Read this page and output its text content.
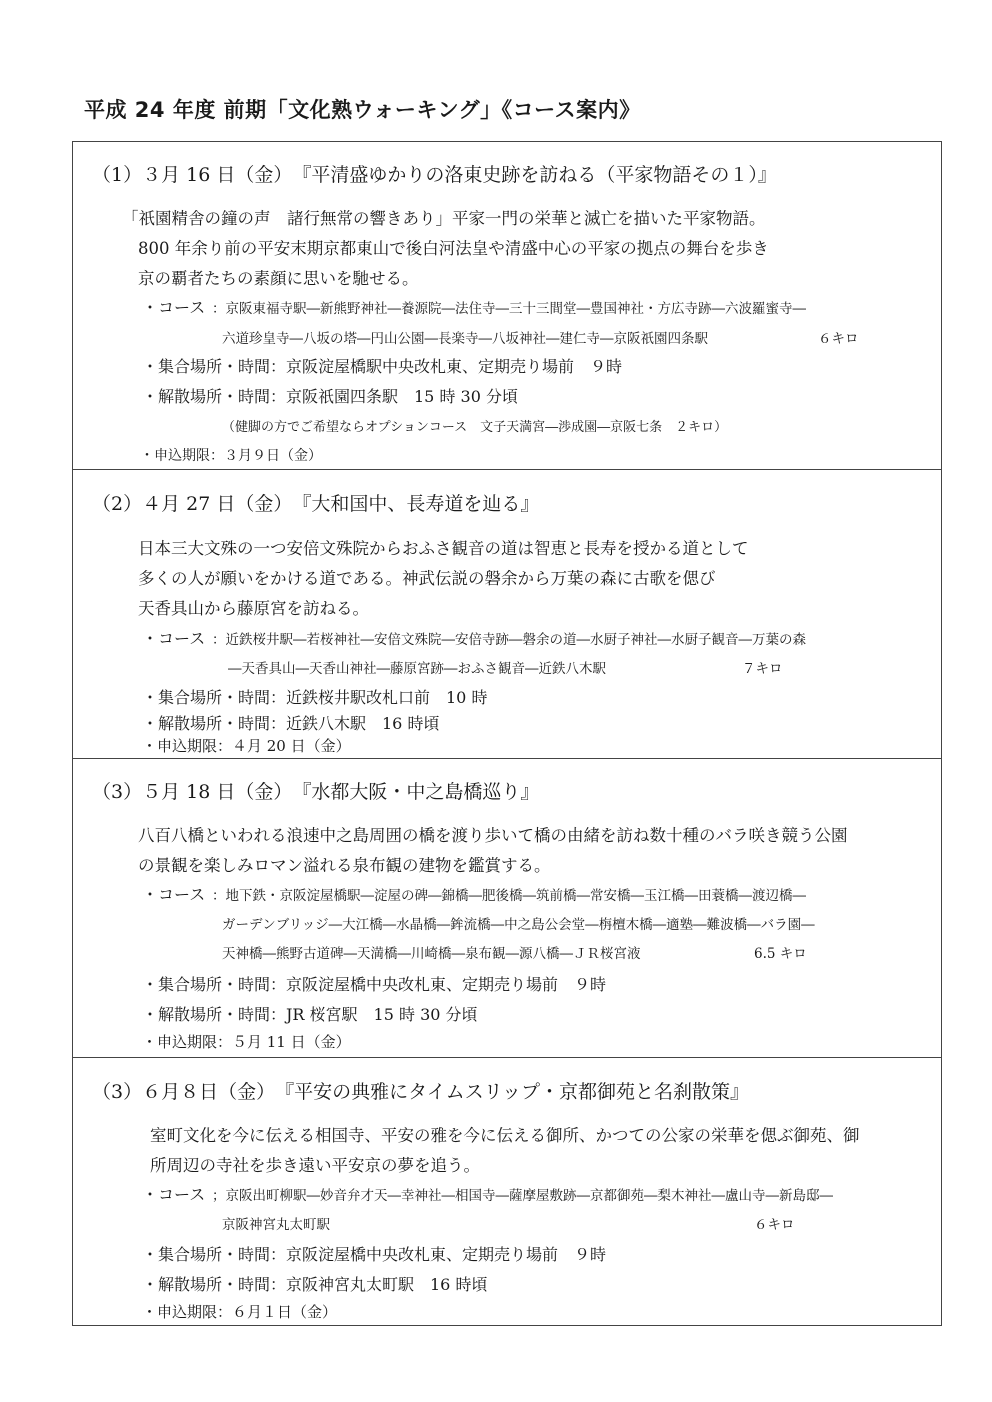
平成 24 年度 前期「文化熟ウォーキング」《コース案内》
（1）３月 16 日（金）　『平清盛ゆかりの洛東史跡を訪ねる（平家物語その１）』
「祇園精舎の鐘の声　諸行無常の響きあり」平家一門の栄華と滅亡を描いた平家物語。
800 年余り前の平安末期京都東山で後白河法皇や清盛中心の平家の拠点の舞台を歩き
京の覇者たちの素顔に思いを馳せる。
・コース ：京阪東福寺駅―新熊野神社―養源院―法住寺―三十三間堂―豊国神社・方広寺跡―六波羅蜜寺―
六道珍皇寺―八坂の塔―円山公園―長楽寺―八坂神社―建仁寺―京阪祇園四条駅	６キロ
・集合場所・時間：京阪淀屋橋駅中央改札東、定期売り場前　９時
・解散場所・時間：京阪祇園四条駅　15 時 30 分頃
（健脚の方でご希望ならオプションコース　文子天満宮―渉成園―京阪七条　２キロ）
・申込期限：３月９日（金）
（2）４月 27 日（金）　『大和国中、長寿道を辿る』
日本三大文殊の一つ安倍文殊院からおふさ観音の道は智恵と長寿を授かる道として
多くの人が願いをかける道である。神武伝説の磐余から万葉の森に古歌を偲び
天香具山から藤原宮を訪ねる。
・コース ：近鉄桜井駅―若桜神社―安倍文殊院―安倍寺跡―磐余の道―水厨子神社―水厨子観音―万葉の森
―天香具山―天香山神社―藤原宮跡―おふさ観音―近鉄八木駅	７キロ
・集合場所・時間：近鉄桜井駅改札口前　10 時
・解散場所・時間：近鉄八木駅　16 時頃
・申込期限：４月 20 日（金）
（3）５月 18 日（金）　『水都大阪・中之島橋巡り』
八百八橋といわれる浪速中之島周囲の橋を渡り歩いて橋の由緒を訪ね数十種のバラ咲き競う公園
の景観を楽しみロマン溢れる泉布観の建物を鑑賞する。
・コース ：地下鉄・京阪淀屋橋駅―淀屋の碑―錦橋―肥後橋―筑前橋―常安橋―玉江橋―田蓑橋―渡辺橋―
ガーデンブリッジ―大江橋―水晶橋―鉾流橋―中之島公会堂―栴檀木橋―適塾―難波橋―バラ園―
天神橋―熊野古道碑―天満橋―川崎橋―泉布観―源八橋―ＪＲ桜宮液	6.5 キロ
・集合場所・時間：京阪淀屋橋中央改札東、定期売り場前　９時
・解散場所・時間：JR 桜宮駅　15 時 30 分頃
・申込期限：５月 11 日（金）
（3）６月８日（金）　『平安の典雅にタイムスリップ・京都御苑と名刹散策』
室町文化を今に伝える相国寺、平安の雅を今に伝える御所、かつての公家の栄華を偲ぶ御苑、御
所周辺の寺社を歩き遠い平安京の夢を追う。
・コース ；京阪出町柳駅―妙音弁才天―幸神社―相国寺―薩摩屋敷跡―京都御苑―梨木神社―盧山寺―新島邸―
京阪神宮丸太町駅	６キロ
・集合場所・時間：京阪淀屋橋中央改札東、定期売り場前　９時
・解散場所・時間：京阪神宮丸太町駅　16 時頃
・申込期限：６月１日（金）
